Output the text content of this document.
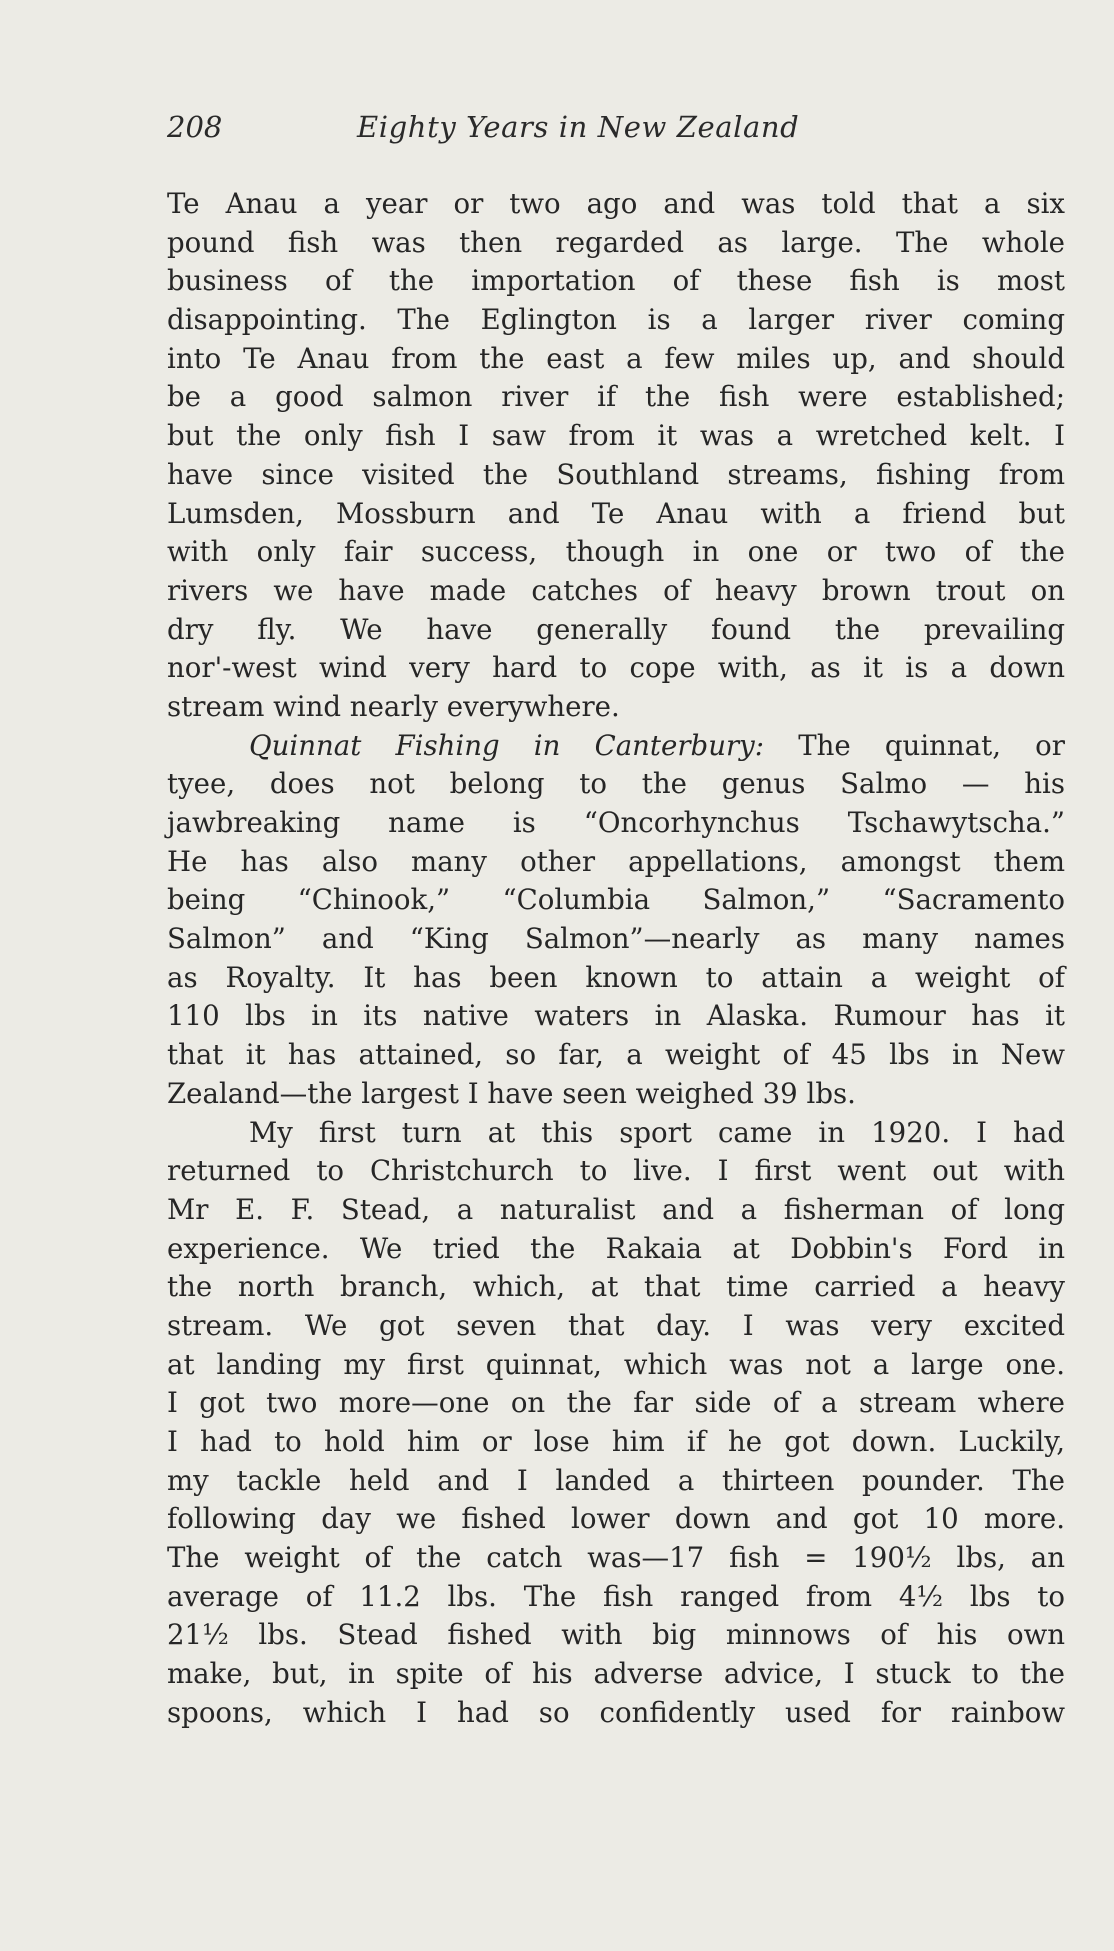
208	Eighty Years in New Zealand
Te Anau a year or two ago and was told that a six
pound fish was then regarded as large. The whole
business of the importation of these fish is most
disappointing. The Eglington is a larger river coming
into Te Anau from the east a few miles up, and should
be a good salmon river if the fish were established;
but the only fish I saw from it was a wretched kelt. I
have since visited the Southland streams, fishing from
Lumsden, Mossburn and Te Anau with a friend but
with only fair success, though in one or two of the
rivers we have made catches of heavy brown trout on
dry fly. We have generally found the prevailing
nor'-west wind very hard to cope with, as it is a down
stream wind nearly everywhere.
Quinnat Fishing in Canterbury: The quinnat, or
tyee, does not belong to the genus Salmo — his
jawbreaking name is “Oncorhynchus Tschawytscha.”
He has also many other appellations, amongst them
being “Chinook,” “Columbia Salmon,” “Sacramento
Salmon” and “King Salmon”—nearly as many names
as Royalty. It has been known to attain a weight of
110 lbs in its native waters in Alaska. Rumour has it
that it has attained, so far, a weight of 45 lbs in New
Zealand—the largest I have seen weighed 39 lbs.
My first turn at this sport came in 1920. I had
returned to Christchurch to live. I first went out with
Mr E. F. Stead, a naturalist and a fisherman of long
experience. We tried the Rakaia at Dobbin's Ford in
the north branch, which, at that time carried a heavy
stream. We got seven that day. I was very excited
at landing my first quinnat, which was not a large one.
I got two more—one on the far side of a stream where
I had to hold him or lose him if he got down. Luckily,
my tackle held and I landed a thirteen pounder. The
following day we fished lower down and got 10 more.
The weight of the catch was—17 fish = 190½ lbs, an
average of 11.2 lbs. The fish ranged from 4½ lbs to
21½ lbs. Stead fished with big minnows of his own
make, but, in spite of his adverse advice, I stuck to the
spoons, which I had so confidently used for rainbow
